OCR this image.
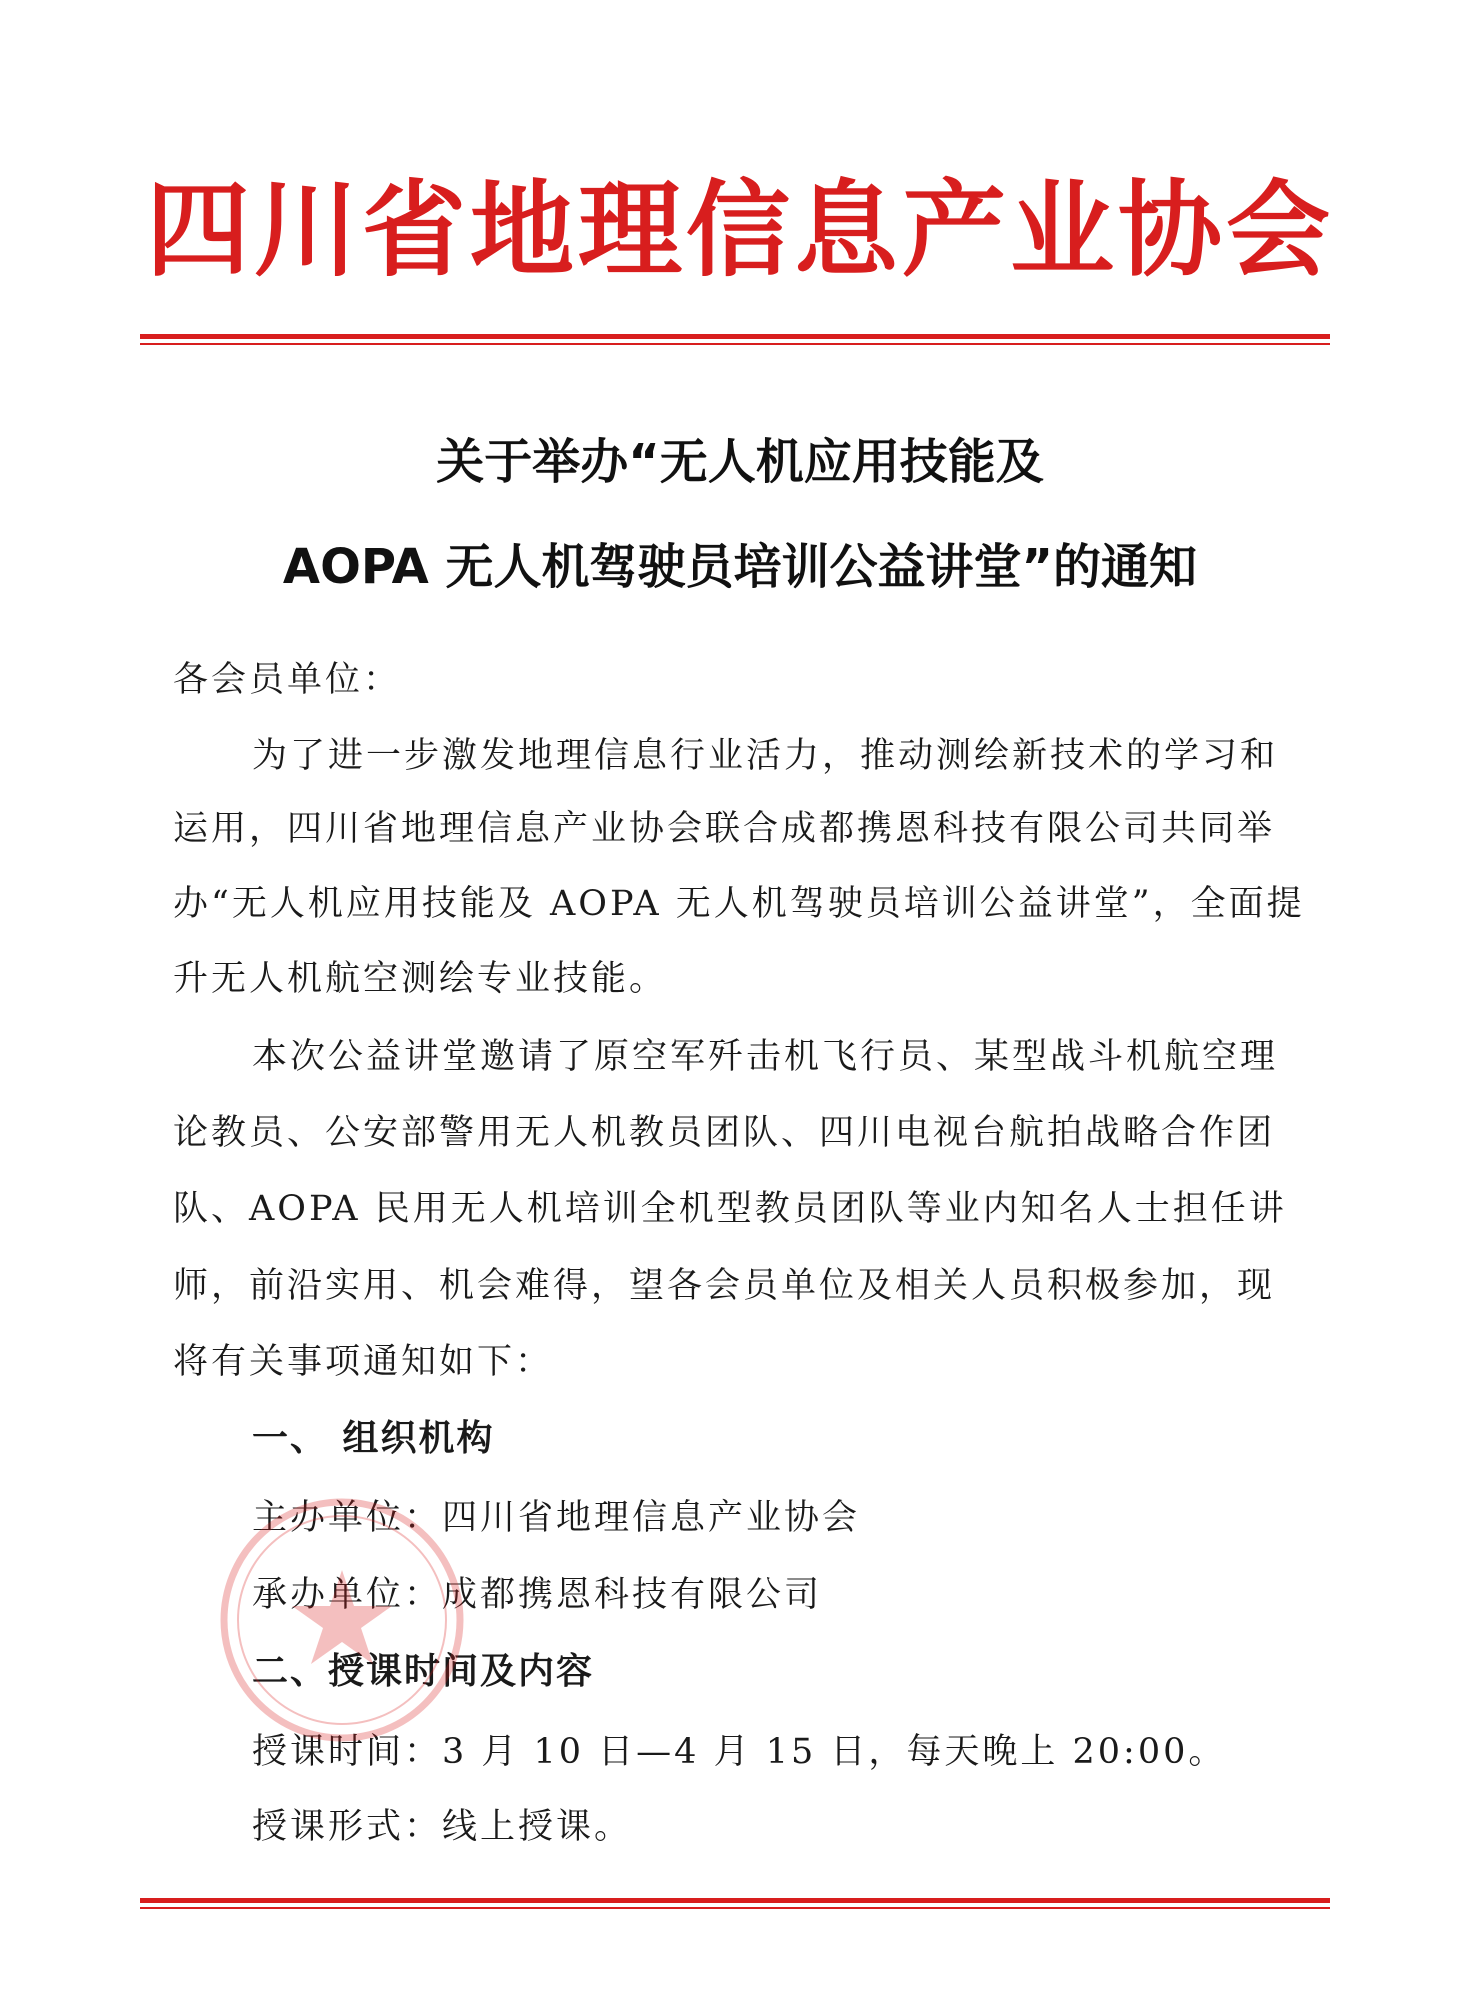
四川省地理信息产业协会
关于举办“无人机应用技能及
AOPA 无人机驾驶员培训公益讲堂”的通知
各会员单位：
为了进一步激发地理信息行业活力，推动测绘新技术的学习和
运用，四川省地理信息产业协会联合成都携恩科技有限公司共同举
办“无人机应用技能及 AOPA 无人机驾驶员培训公益讲堂”，全面提
升无人机航空测绘专业技能。
本次公益讲堂邀请了原空军歼击机飞行员、某型战斗机航空理
论教员、公安部警用无人机教员团队、四川电视台航拍战略合作团
队、AOPA 民用无人机培训全机型教员团队等业内知名人士担任讲
师，前沿实用、机会难得，望各会员单位及相关人员积极参加，现
将有关事项通知如下：
一、 组织机构
主办单位：四川省地理信息产业协会
承办单位：成都携恩科技有限公司
二、授课时间及内容
授课时间：3 月 10 日—4 月 15 日，每天晚上 20:00。
授课形式：线上授课。
